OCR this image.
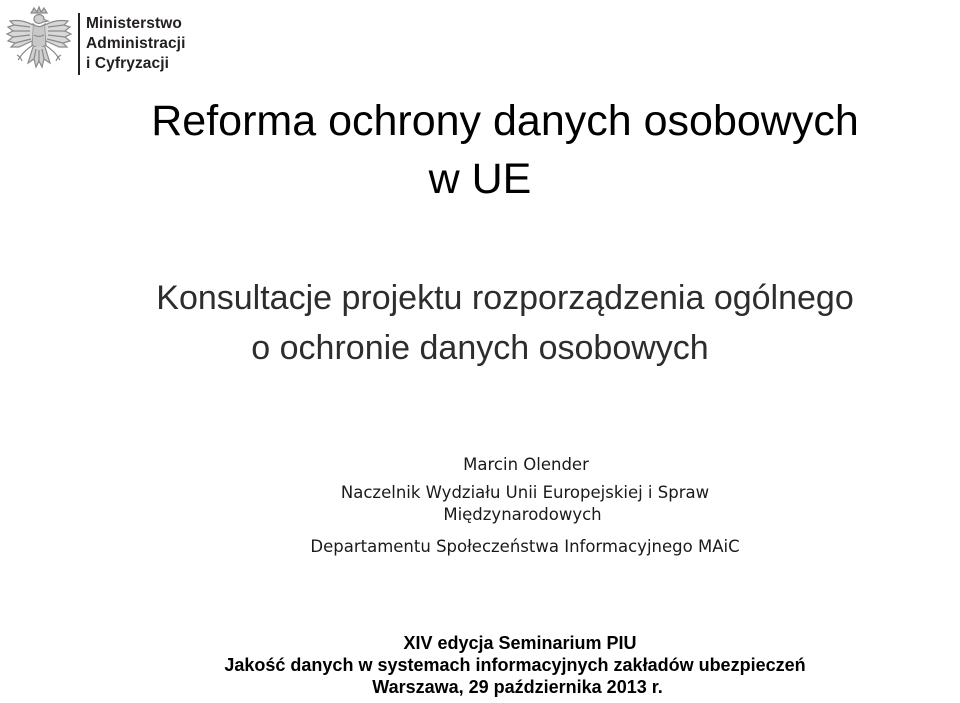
Ministerstwo
Administracji
i Cyfryzacji
Reforma ochrony danych osobowych
w UE
Konsultacje projektu rozporządzenia ogólnego
o ochronie danych osobowych
Marcin Olender
Naczelnik Wydziału Unii Europejskiej i Spraw
Międzynarodowych
Departamentu Społeczeństwa Informacyjnego MAiC
XIV edycja Seminarium PIU
Jakość danych w systemach informacyjnych zakładów ubezpieczeń
Warszawa, 29 października 2013 r.
